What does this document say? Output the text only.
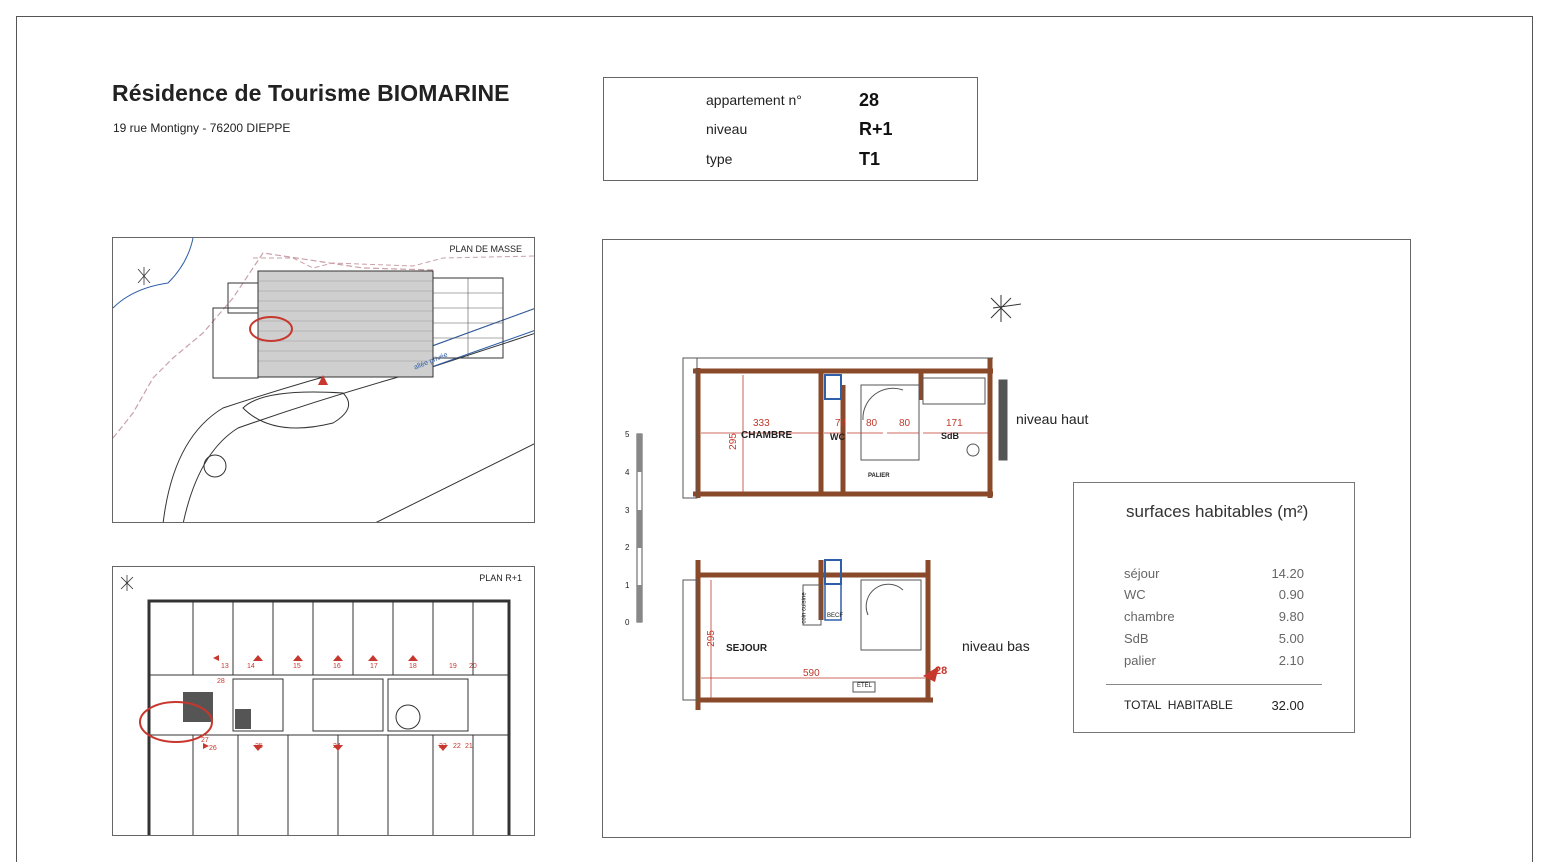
Résidence de Tourisme BIOMARINE
19 rue Montigny - 76200 DIEPPE
appartement n°	28
niveau	R+1
type	T1
PLAN DE MASSE
allée privée
PLAN R+1
13	14	15	16	17	18	19 20
21
22
23
24
25
26
27
28
5
4
3
2
1
0
CHAMBRE	WC	SdB
PALIER
333	78 80 80	171
295
niveau haut
SEJOUR
coin cuisine	BECF
ETEL
590
295
28
niveau bas
surfaces habitables (m²)
séjour	14.20
WC	0.90
chambre	9.80
SdB	5.00
palier	2.10
TOTAL  HABITABLE	32.00
